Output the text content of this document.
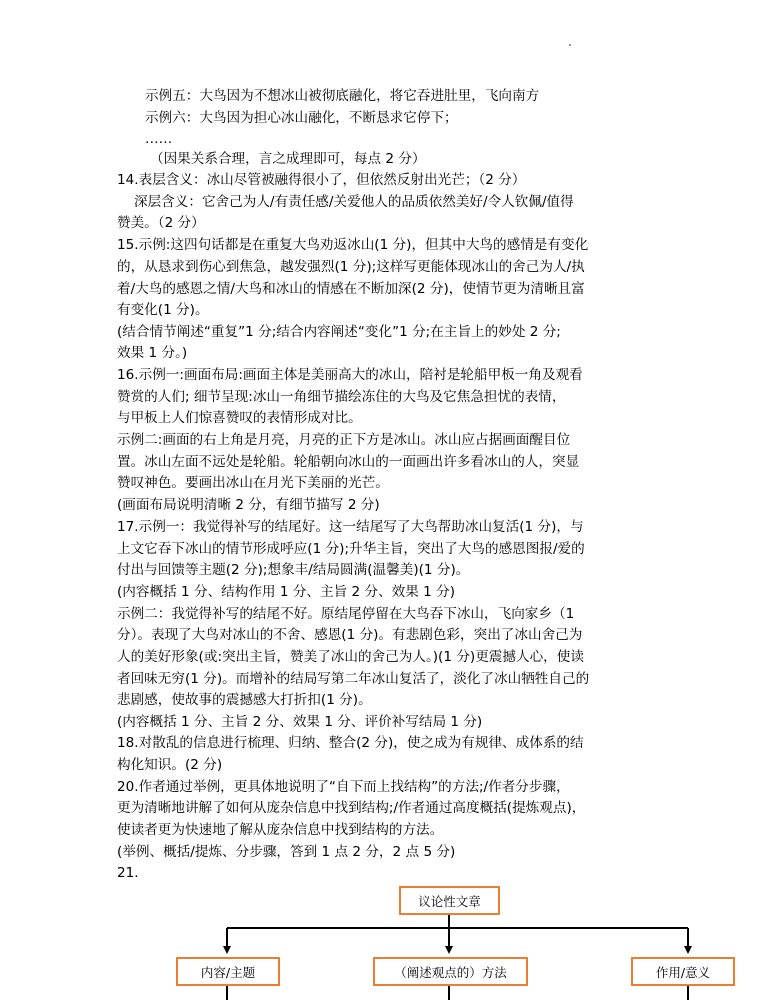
示例五：大鸟因为不想冰山被彻底融化，将它吞进肚里，飞向南方
示例六：大鸟因为担心冰山融化，不断恳求它停下；
……
（因果关系合理，言之成理即可，每点 2 分）
14.表层含义：冰山尽管被融得很小了，但依然反射出光芒；（2 分）
深层含义：它舍己为人/有责任感/关爱他人的品质依然美好/令人钦佩/值得
赞美。（2 分）
15.示例:这四句话都是在重复大鸟劝返冰山(1 分)，但其中大鸟的感情是有变化
的，从恳求到伤心到焦急，越发强烈(1 分);这样写更能体现冰山的舍己为人/执
着/大鸟的感恩之情/大鸟和冰山的情感在不断加深(2 分)，使情节更为清晰且富
有变化(1 分)。
(结合情节阐述“重复”1 分;结合内容阐述“变化”1 分;在主旨上的妙处 2 分;
效果 1 分。)
16.示例一:画面布局:画面主体是美丽高大的冰山，陪衬是轮船甲板一角及观看
赞赏的人们; 细节呈现:冰山一角细节描绘冻住的大鸟及它焦急担忧的表情，
与甲板上人们惊喜赞叹的表情形成对比。
示例二:画面的右上角是月亮，月亮的正下方是冰山。冰山应占据画面醒目位
置。冰山左面不远处是轮船。轮船朝向冰山的一面画出许多看冰山的人，突显
赞叹神色。要画出冰山在月光下美丽的光芒。
(画面布局说明清晰 2 分，有细节描写 2 分)
17.示例一：我觉得补写的结尾好。这一结尾写了大鸟帮助冰山复活(1 分)，与
上文它吞下冰山的情节形成呼应(1 分);升华主旨，突出了大鸟的感恩图报/爱的
付出与回馈等主题(2 分);想象丰/结局圆满(温馨美)(1 分)。
(内容概括 1 分、结构作用 1 分、主旨 2 分、效果 1 分)
示例二：我觉得补写的结尾不好。原结尾停留在大鸟吞下冰山，飞向家乡（1
分）。表现了大鸟对冰山的不舍、感恩(1 分)。有悲剧色彩，突出了冰山舍己为
人的美好形象(或:突出主旨，赞美了冰山的舍己为人。)(1 分)更震撼人心，使读
者回味无穷(1 分)。而增补的结局写第二年冰山复活了，淡化了冰山牺牲自己的
悲剧感，使故事的震撼感大打折扣(1 分)。
(内容概括 1 分、主旨 2 分、效果 1 分、评价补写结局 1 分)
18.对散乱的信息进行梳理、归纳、整合(2 分)，使之成为有规律、成体系的结
构化知识。(2 分)
20.作者通过举例，更具体地说明了“自下而上找结构”的方法;/作者分步骤，
更为清晰地讲解了如何从庞杂信息中找到结构;/作者通过高度概括(提炼观点)，
使读者更为快速地了解从庞杂信息中找到结构的方法。
(举例、概括/提炼、分步骤，答到 1 点 2 分，2 点 5 分)
21.
议论性文章
内容/主题	（阐述观点的）方法	作用/意义
